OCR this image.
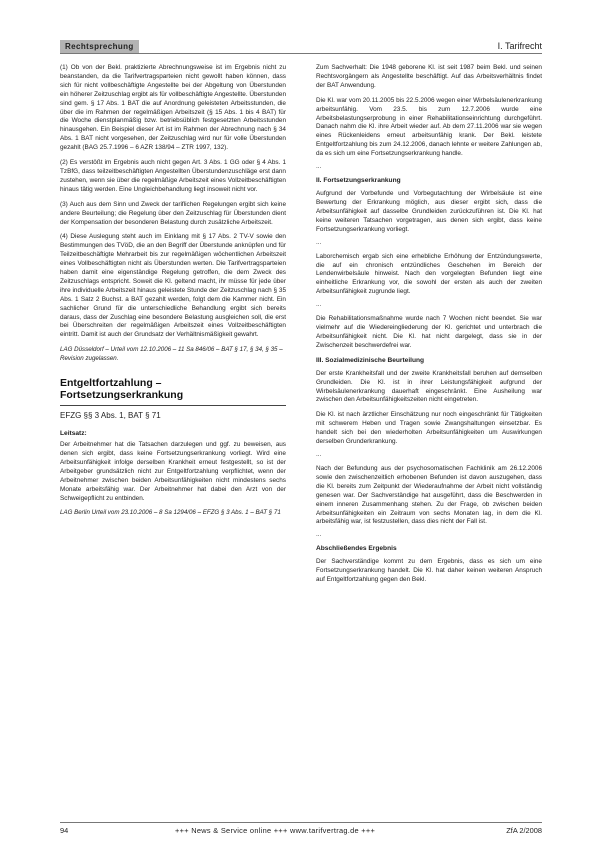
Rechtsprechung	I. Tarifrecht
(1) Ob von der Bekl. praktizierte Abrechnungsweise ist im Ergebnis nicht zu beanstanden, da die Tarifvertragsparteien nicht gewollt haben können, dass sich für nicht vollbeschäftigte Angestellte bei der Abgeltung von Überstunden ein höherer Zeitzuschlag ergibt als für vollbeschäftigte Angestellte. Überstunden sind gem. § 17 Abs. 1 BAT die auf Anordnung geleisteten Arbeitsstunden, die über die im Rahmen der regelmäßigen Arbeitszeit (§ 15 Abs. 1 bis 4 BAT) für die Woche dienstplanmäßig bzw. betriebsüblich festgesetzten Arbeitsstunden hinausgehen. Ein Beispiel dieser Art ist im Rahmen der Abrechnung nach § 34 Abs. 1 BAT nicht vorgesehen, der Zeitzuschlag wird nur für volle Überstunden gezahlt (BAG 25.7.1996 – 6 AZR 138/94 – ZTR 1997, 132).
(2) Es verstößt im Ergebnis auch nicht gegen Art. 3 Abs. 1 GG oder § 4 Abs. 1 TzBfG, dass teilzeitbeschäftigten Angestellten Überstundenzuschläge erst dann zustehen, wenn sie über die regelmäßige Arbeitszeit eines Vollzeitbeschäftigten hinaus tätig werden. Eine Ungleichbehandlung liegt insoweit nicht vor.
(3) Auch aus dem Sinn und Zweck der tariflichen Regelungen ergibt sich keine andere Beurteilung; die Regelung über den Zeitzuschlag für Überstunden dient der Kompensation der besonderen Belastung durch zusätzliche Arbeitszeit.
(4) Diese Auslegung steht auch im Einklang mit § 17 Abs. 2 TV-V sowie den Bestimmungen des TVöD, die an den Begriff der Überstunde anknüpfen und für Teilzeitbeschäftigte Mehrarbeit bis zur regelmäßigen wöchentlichen Arbeitszeit eines Vollbeschäftigten nicht als Überstunden werten. Die Tarifvertragsparteien haben damit eine eigenständige Regelung getroffen, die dem Zweck des Zeitzuschlags entspricht. Soweit die Kl. geltend macht, ihr müsse für jede über ihre individuelle Arbeitszeit hinaus geleistete Stunde der Zeitzuschlag nach § 35 Abs. 1 Satz 2 Buchst. a BAT gezahlt werden, folgt dem die Kammer nicht. Ein sachlicher Grund für die unterschiedliche Behandlung ergibt sich bereits daraus, dass der Zuschlag eine besondere Belastung ausgleichen soll, die erst bei Überschreiten der regelmäßigen Arbeitszeit eines Vollzeitbeschäftigten eintritt. Damit ist auch der Grundsatz der Verhältnismäßigkeit gewahrt.
LAG Düsseldorf – Urteil vom 12.10.2006 – 11 Sa 846/06 – BAT § 17, § 34, § 35 – Revision zugelassen.
Entgeltfortzahlung – Fortsetzungserkrankung
EFZG §§ 3 Abs. 1, BAT § 71
Leitsatz:
Der Arbeitnehmer hat die Tatsachen darzulegen und ggf. zu beweisen, aus denen sich ergibt, dass keine Fortsetzungserkrankung vorliegt. Wird eine Arbeitsunfähigkeit infolge derselben Krankheit erneut festgestellt, so ist der Arbeitgeber grundsätzlich nicht zur Entgeltfortzahlung verpflichtet, wenn der Arbeitnehmer zwischen beiden Arbeitsunfähigkeiten nicht mindestens sechs Monate arbeitsfähig war. Der Arbeitnehmer hat dabei den Arzt von der Schweigepflicht zu entbinden.
LAG Berlin Urteil vom 23.10.2006 – 8 Sa 1294/06 – EFZG § 3 Abs. 1 – BAT § 71
Zum Sachverhalt: Die 1948 geborene Kl. ist seit 1987 beim Bekl. und seinen Rechtsvorgängern als Angestellte beschäftigt. Auf das Arbeitsverhältnis findet der BAT Anwendung.
Die Kl. war vom 20.11.2005 bis 22.5.2006 wegen einer Wirbelsäulenerkrankung arbeitsunfähig. Vom 23.5. bis zum 12.7.2006 wurde eine Arbeitsbelastungserprobung in einer Rehabilitationseinrichtung durchgeführt. Danach nahm die Kl. ihre Arbeit wieder auf. Ab dem 27.11.2006 war sie wegen eines Rückenleidens erneut arbeitsunfähig krank. Der Bekl. leistete Entgeltfortzahlung bis zum 24.12.2006, danach lehnte er weitere Zahlungen ab, da es sich um eine Fortsetzungserkrankung handle.
...
II. Fortsetzungserkrankung
Aufgrund der Vorbefunde und Vorbegutachtung der Wirbelsäule ist eine Bewertung der Erkrankung möglich, aus dieser ergibt sich, dass die Arbeitsunfähigkeit auf dasselbe Grundleiden zurückzuführen ist. Die Kl. hat keine weiteren Tatsachen vorgetragen, aus denen sich ergibt, dass keine Fortsetzungserkrankung vorliegt.
...
Laborchemisch ergab sich eine erhebliche Erhöhung der Entzündungswerte, die auf ein chronisch entzündliches Geschehen im Bereich der Lendenwirbelsäule hinweist. Nach den vorgelegten Befunden liegt eine einheitliche Erkrankung vor, die sowohl der ersten als auch der zweiten Arbeitsunfähigkeit zugrunde liegt.
...
Die Rehabilitationsmaßnahme wurde nach 7 Wochen nicht beendet. Sie war vielmehr auf die Wiedereingliederung der Kl. gerichtet und unterbrach die Arbeitsunfähigkeit nicht. Die Kl. hat nicht dargelegt, dass sie in der Zwischenzeit beschwerdefrei war.
III. Sozialmedizinische Beurteilung
Der erste Krankheitsfall und der zweite Krankheitsfall beruhen auf demselben Grundleiden. Die Kl. ist in ihrer Leistungsfähigkeit aufgrund der Wirbelsäulenerkrankung dauerhaft eingeschränkt. Eine Ausheilung war zwischen den Arbeitsunfähigkeitszeiten nicht eingetreten.
Die Kl. ist nach ärztlicher Einschätzung nur noch eingeschränkt für Tätigkeiten mit schwerem Heben und Tragen sowie Zwangshaltungen einsetzbar. Es handelt sich bei den wiederholten Arbeitsunfähigkeiten um Auswirkungen derselben Grunderkrankung.
...
Nach der Befundung aus der psychosomatischen Fachklinik am 26.12.2006 sowie den zwischenzeitlich erhobenen Befunden ist davon auszugehen, dass die Kl. bereits zum Zeitpunkt der Wiederaufnahme der Arbeit nicht vollständig genesen war. Der Sachverständige hat ausgeführt, dass die Beschwerden in einem inneren Zusammenhang stehen. Zu der Frage, ob zwischen beiden Arbeitsunfähigkeiten ein Zeitraum von sechs Monaten lag, in dem die Kl. arbeitsfähig war, ist festzustellen, dass dies nicht der Fall ist.
...
Abschließendes Ergebnis
Der Sachverständige kommt zu dem Ergebnis, dass es sich um eine Fortsetzungserkrankung handelt. Die Kl. hat daher keinen weiteren Anspruch auf Entgeltfortzahlung gegen den Bekl.
94	+++ News & Service online +++ www.tarifvertrag.de +++	ZfA 2/2008
